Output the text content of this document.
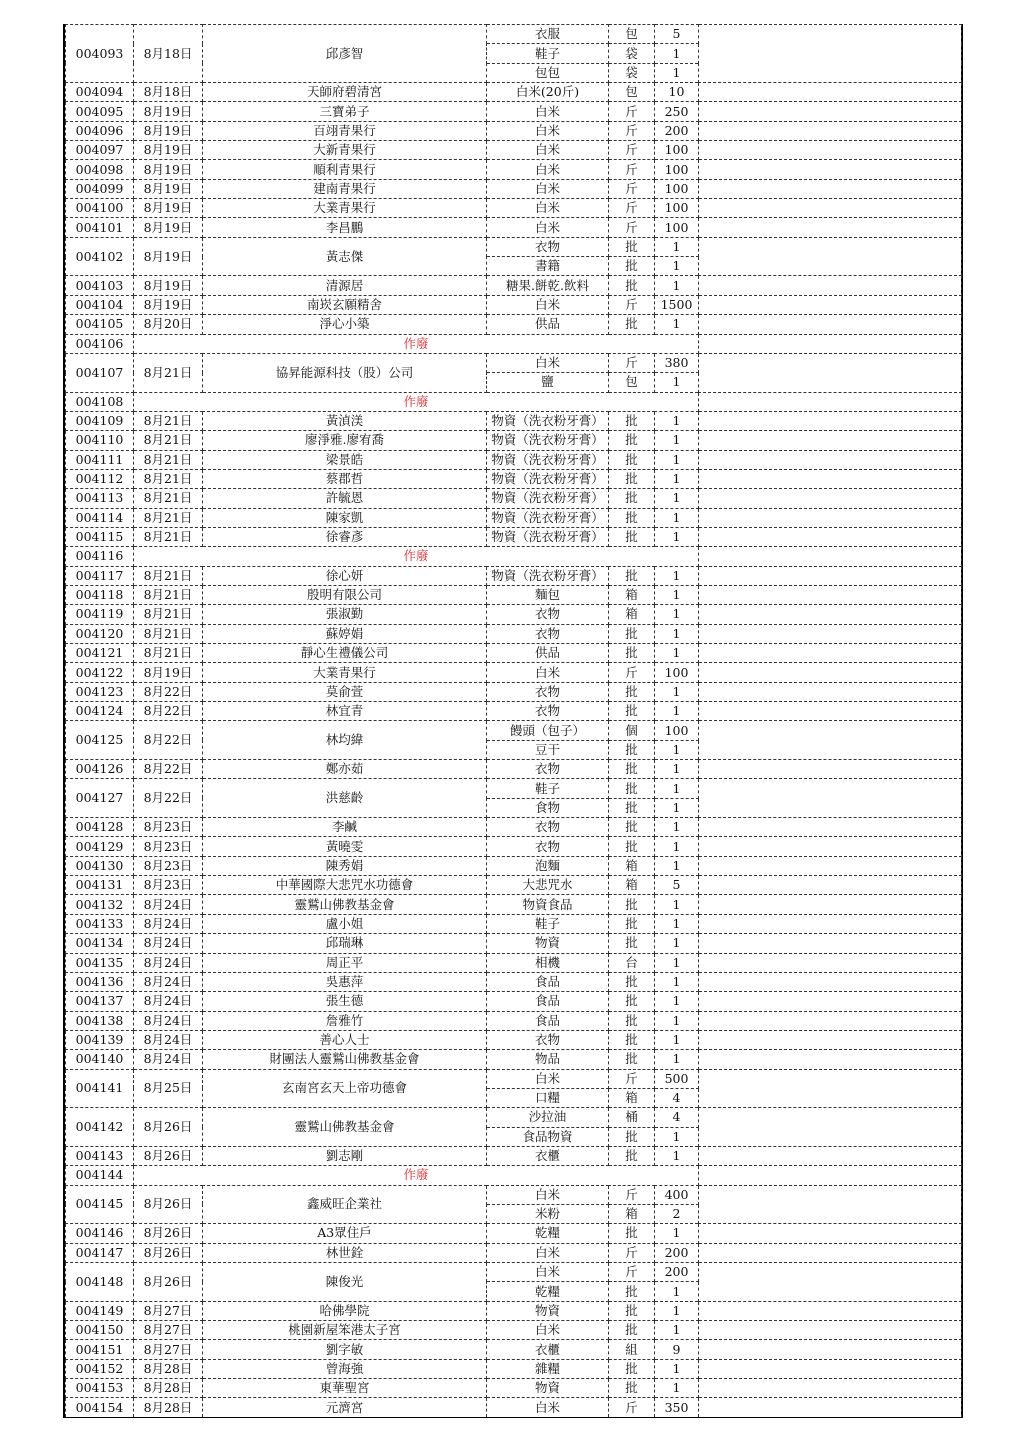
004093	8月18日	邱彥智	衣服	包	5	
			鞋子	袋	1	
			包包	袋	1	
004094	8月18日	天師府碧清宮	白米(20斤)	包	10	
004095	8月19日	三寶弟子	白米	斤	250	
004096	8月19日	百翊青果行	白米	斤	200	
004097	8月19日	大新青果行	白米	斤	100	
004098	8月19日	順利青果行	白米	斤	100	
004099	8月19日	建南青果行	白米	斤	100	
004100	8月19日	大業青果行	白米	斤	100	
004101	8月19日	李昌鵬	白米	斤	100	
004102	8月19日	黃志傑	衣物	批	1	
			書籍	批	1	
004103	8月19日	清源居	糖果.餅乾.飲料	批	1	
004104	8月19日	南崁玄願精舍	白米	斤	1500	
004105	8月20日	淨心小築	供品	批	1	
004106	作廢					
004107	8月21日	協昇能源科技（股）公司	白米	斤	380	
			鹽	包	1	
004108	作廢					
004109	8月21日	黃湞渼	物資（洗衣粉牙膏）	批	1	
004110	8月21日	廖淨雅.廖宥喬	物資（洗衣粉牙膏）	批	1	
004111	8月21日	梁景皓	物資（洗衣粉牙膏）	批	1	
004112	8月21日	蔡郡哲	物資（洗衣粉牙膏）	批	1	
004113	8月21日	許毓恩	物資（洗衣粉牙膏）	批	1	
004114	8月21日	陳家凱	物資（洗衣粉牙膏）	批	1	
004115	8月21日	徐睿彥	物資（洗衣粉牙膏）	批	1	
004116	作廢					
004117	8月21日	徐心妍	物資（洗衣粉牙膏）	批	1	
004118	8月21日	殷明有限公司	麵包	箱	1	
004119	8月21日	張淑勤	衣物	箱	1	
004120	8月21日	蘇婷娟	衣物	批	1	
004121	8月21日	靜心生禮儀公司	供品	批	1	
004122	8月19日	大業青果行	白米	斤	100	
004123	8月22日	莫俞萱	衣物	批	1	
004124	8月22日	林宜青	衣物	批	1	
004125	8月22日	林均緯	饅頭（包子）	個	100	
			豆干	批	1	
004126	8月22日	鄭亦茹	衣物	批	1	
004127	8月22日	洪慈齡	鞋子	批	1	
			食物	批	1	
004128	8月23日	李鹹	衣物	批	1	
004129	8月23日	黃曉雯	衣物	批	1	
004130	8月23日	陳秀娟	泡麵	箱	1	
004131	8月23日	中華國際大悲咒水功德會	大悲咒水	箱	5	
004132	8月24日	靈鷲山佛教基金會	物資食品	批	1	
004133	8月24日	盧小姐	鞋子	批	1	
004134	8月24日	邱瑞琳	物資	批	1	
004135	8月24日	周正平	相機	台	1	
004136	8月24日	吳惠萍	食品	批	1	
004137	8月24日	張生德	食品	批	1	
004138	8月24日	詹雅竹	食品	批	1	
004139	8月24日	善心人士	衣物	批	1	
004140	8月24日	財團法人靈鷲山佛教基金會	物品	批	1	
004141	8月25日	玄南宮玄天上帝功德會	白米	斤	500	
			口糧	箱	4	
004142	8月26日	靈鷲山佛教基金會	沙拉油	桶	4	
			食品物資	批	1	
004143	8月26日	劉志剛	衣櫃	批	1	
004144	作廢					
004145	8月26日	鑫威旺企業社	白米	斤	400	
			米粉	箱	2	
004146	8月26日	A3眾住戶	乾糧	批	1	
004147	8月26日	林世銓	白米	斤	200	
004148	8月26日	陳俊光	白米	斤	200	
			乾糧	批	1	
004149	8月27日	哈佛學院	物資	批	1	
004150	8月27日	桃園新屋笨港太子宮	白米	批	1	
004151	8月27日	劉字敏	衣櫃	組	9	
004152	8月28日	曾海強	雜糧	批	1	
004153	8月28日	東華聖宮	物資	批	1	
004154	8月28日	元濟宮	白米	斤	350	
